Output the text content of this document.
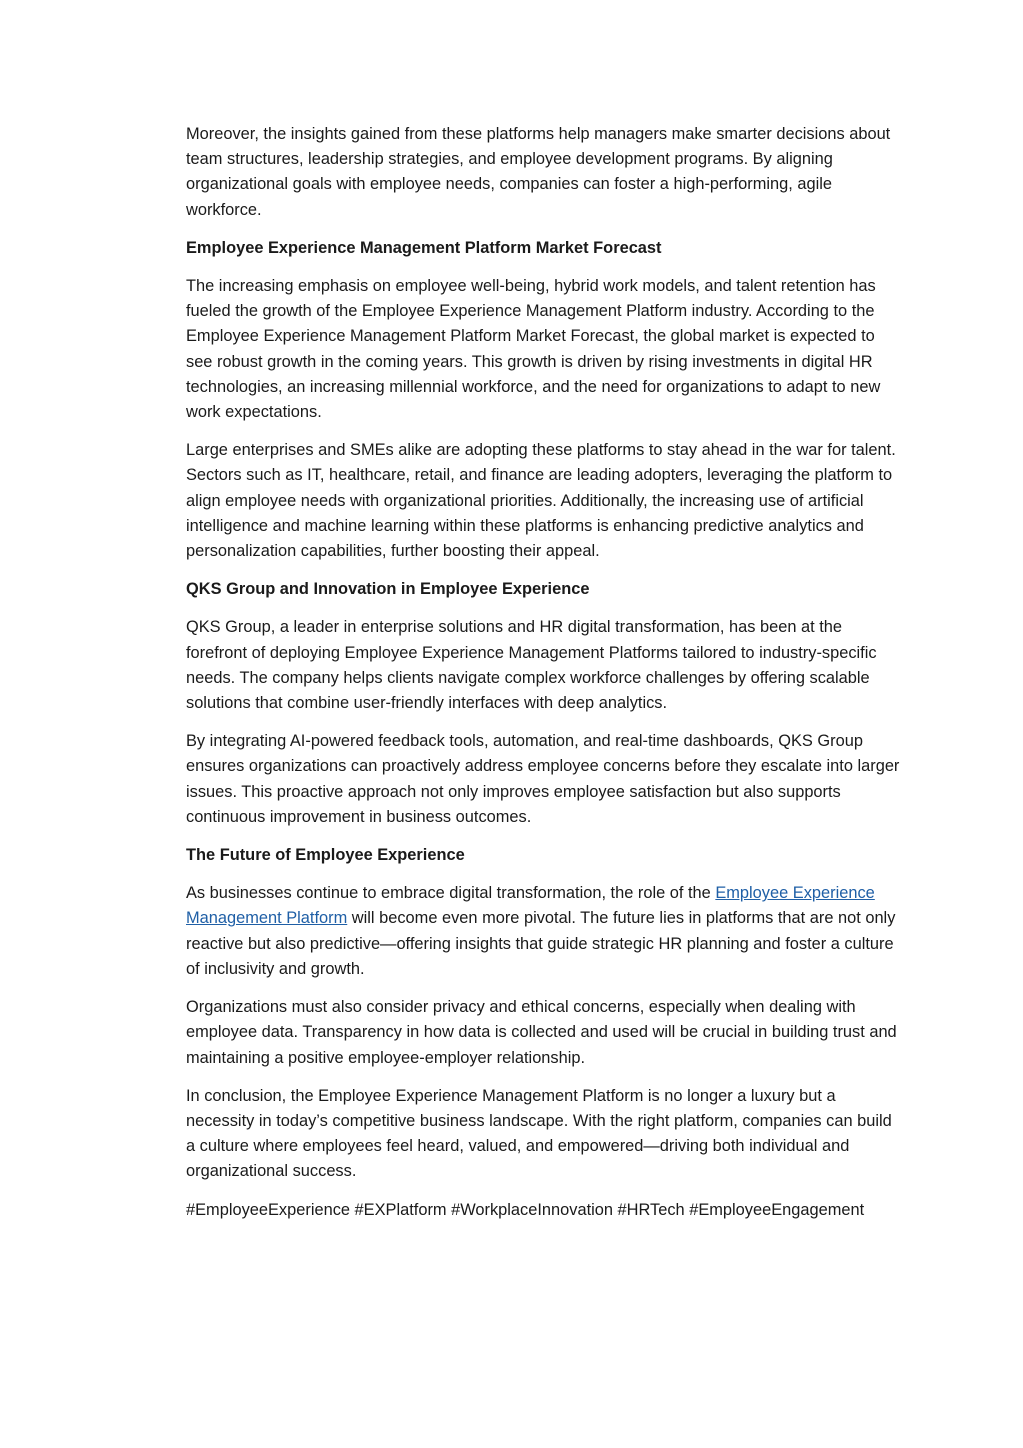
Moreover, the insights gained from these platforms help managers make smarter decisions about team structures, leadership strategies, and employee development programs. By aligning organizational goals with employee needs, companies can foster a high-performing, agile workforce.

Employee Experience Management Platform Market Forecast

The increasing emphasis on employee well-being, hybrid work models, and talent retention has fueled the growth of the Employee Experience Management Platform industry. According to the Employee Experience Management Platform Market Forecast, the global market is expected to see robust growth in the coming years. This growth is driven by rising investments in digital HR technologies, an increasing millennial workforce, and the need for organizations to adapt to new work expectations.

Large enterprises and SMEs alike are adopting these platforms to stay ahead in the war for talent. Sectors such as IT, healthcare, retail, and finance are leading adopters, leveraging the platform to align employee needs with organizational priorities. Additionally, the increasing use of artificial intelligence and machine learning within these platforms is enhancing predictive analytics and personalization capabilities, further boosting their appeal.

QKS Group and Innovation in Employee Experience

QKS Group, a leader in enterprise solutions and HR digital transformation, has been at the forefront of deploying Employee Experience Management Platforms tailored to industry-specific needs. The company helps clients navigate complex workforce challenges by offering scalable solutions that combine user-friendly interfaces with deep analytics.

By integrating AI-powered feedback tools, automation, and real-time dashboards, QKS Group ensures organizations can proactively address employee concerns before they escalate into larger issues. This proactive approach not only improves employee satisfaction but also supports continuous improvement in business outcomes.

The Future of Employee Experience

As businesses continue to embrace digital transformation, the role of the Employee Experience Management Platform will become even more pivotal. The future lies in platforms that are not only reactive but also predictive—offering insights that guide strategic HR planning and foster a culture of inclusivity and growth.

Organizations must also consider privacy and ethical concerns, especially when dealing with employee data. Transparency in how data is collected and used will be crucial in building trust and maintaining a positive employee-employer relationship.

In conclusion, the Employee Experience Management Platform is no longer a luxury but a necessity in today’s competitive business landscape. With the right platform, companies can build a culture where employees feel heard, valued, and empowered—driving both individual and organizational success.

#EmployeeExperience #EXPlatform #WorkplaceInnovation #HRTech #EmployeeEngagement
